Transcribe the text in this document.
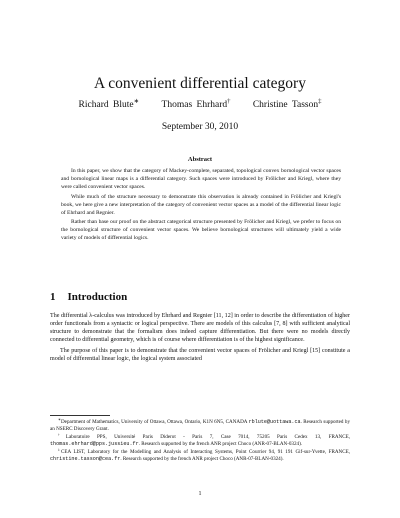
A convenient differential category
Richard Blute∗ Thomas Ehrhard† Christine Tasson‡
September 30, 2010
Abstract

In this paper, we show that the category of Mackey-complete, separated, topological convex bornological vector spaces and bornological linear maps is a differential category. Such spaces were introduced by Frölicher and Kriegl, where they were called convenient vector spaces.

While much of the structure necessary to demonstrate this observation is already contained in Frölicher and Kriegl's book, we here give a new interpretation of the category of convenient vector spaces as a model of the differential linear logic of Ehrhard and Regnier.

Rather than base our proof on the abstract categorical structure presented by Frölicher and Kriegl, we prefer to focus on the bornological structure of convenient vector spaces. We believe bornological structures will ultimately yield a wide variety of models of differential logics.

1 Introduction

The differential λ-calculus was introduced by Ehrhard and Regnier [11, 12] in order to describe the differentiation of higher order functionals from a syntactic or logical perspective. There are models of this calculus [7, 8] with sufficient analytical structure to demonstrate that the formalism does indeed capture differentiation. But there were no models directly connected to differential geometry, which is of course where differentiation is of the highest significance.

The purpose of this paper is to demonstrate that the convenient vector spaces of Frölicher and Kriegl [15] constitute a model of differential linear logic, the logical system associated

∗Department of Mathematics, University of Ottawa, Ottawa, Ontario, K1N 6N5, CANADA rblute@uottawa.ca. Research supported by an NSERC Discovery Grant.

†Laboratoire PPS, Université Paris Diderot - Paris 7, Case 7014, 75205 Paris Cedex 13, FRANCE, thomas.ehrhard@pps.jussieu.fr. Research supported by the french ANR project Choco (ANR-07-BLAN-0324).

‡CEA LIST, Laboratory for the Modelling and Analysis of Interacting Systems, Point Courrier 94, 91 191 Gif-sur-Yvette, FRANCE, christine.tasson@cea.fr. Research supported by the french ANR project Choco (ANR-07-BLAN-0324).

1
